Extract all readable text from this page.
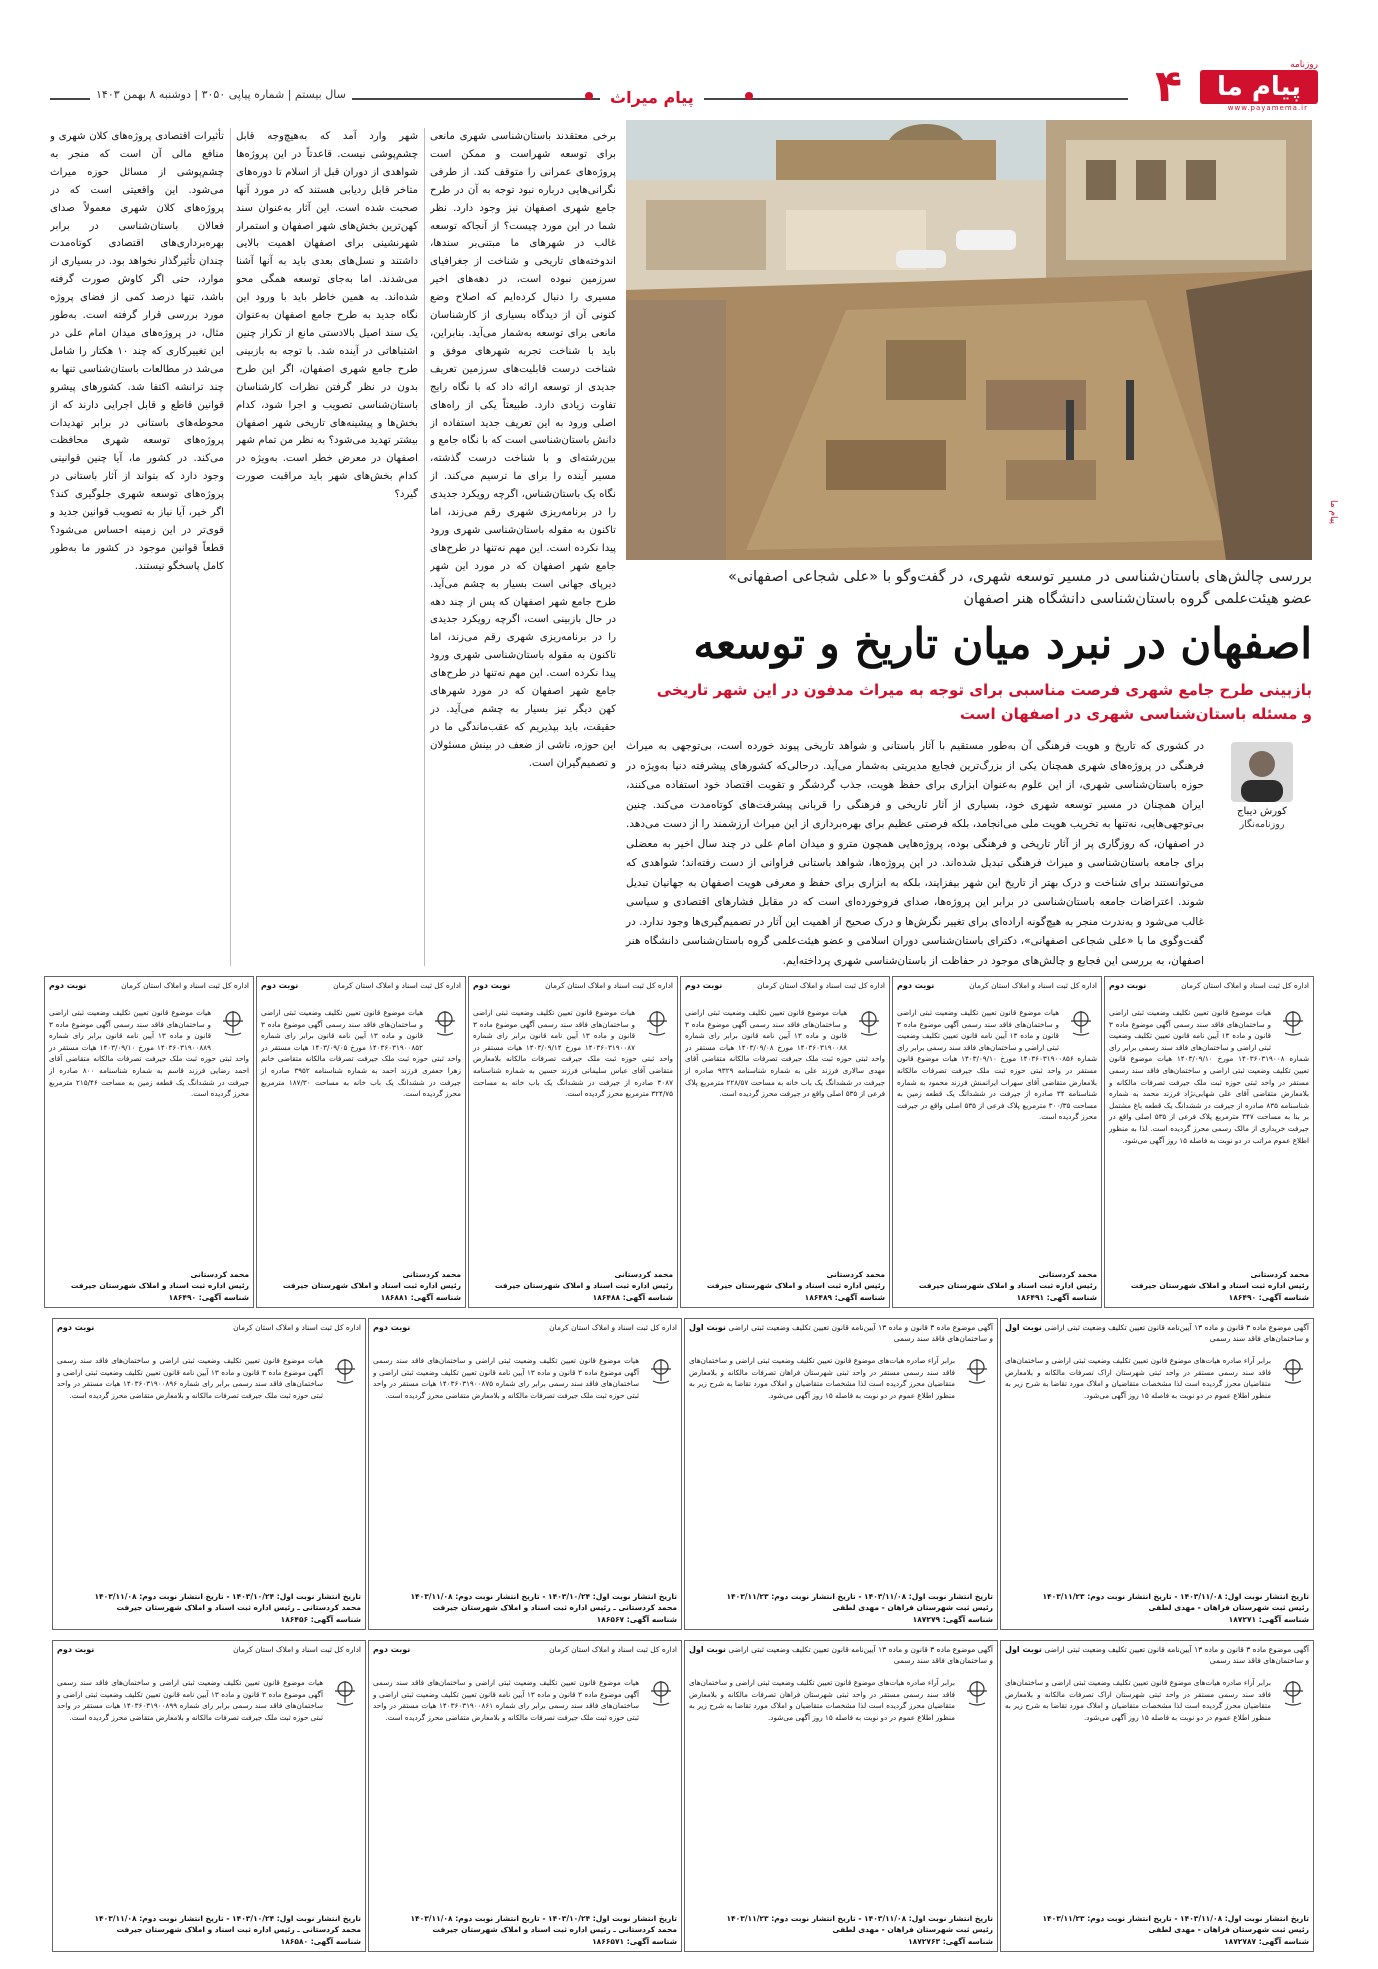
روزنامه
پیام ما
www.payamema.ir
۴
پیام میراث
سال بیستم | شماره پیاپی ۳۰۵۰ | دوشنبه ۸ بهمن ۱۴۰۳
پیام ما
بررسی چالش‌های باستان‌شناسی در مسیر توسعه شهری، در گفت‌وگو با «علی شجاعی اصفهانی»
عضو هیئت‌علمی گروه باستان‌شناسی دانشگاه هنر اصفهان
اصفهان در نبرد میان تاریخ و توسعه
بازبینی طرح جامع شهری فرصت مناسبی برای توجه به میراث مدفون در این شهر تاریخی
و مسئله باستان‌شناسی شهری در اصفهان است
کورش دیباج
روزنامه‌نگار
در کشوری که تاریخ و هویت فرهنگی آن به‌طور مستقیم با آثار باستانی و شواهد تاریخی پیوند خورده است، بی‌توجهی به میراث فرهنگی در پروژه‌های شهری همچنان یکی از بزرگ‌ترین فجایع مدیریتی به‌شمار می‌آید. درحالی‌که کشورهای پیشرفته دنیا به‌ویژه در حوزه باستان‌شناسی شهری، از این علوم به‌عنوان ابزاری برای حفظ هویت، جذب گردشگر و تقویت اقتصاد خود استفاده می‌کنند، ایران همچنان در مسیر توسعه شهری خود، بسیاری از آثار تاریخی و فرهنگی را قربانی پیشرفت‌های کوتاه‌مدت می‌کند. چنین بی‌توجهی‌هایی، نه‌تنها به تخریب هویت ملی می‌انجامد، بلکه فرصتی عظیم برای بهره‌برداری از این میراث ارزشمند را از دست می‌دهد. در اصفهان، که روزگاری پر از آثار تاریخی و فرهنگی بوده، پروژه‌هایی همچون مترو و میدان امام علی در چند سال اخیر به معضلی برای جامعه باستان‌شناسی و میراث فرهنگی تبدیل شده‌اند. در این پروژه‌ها، شواهد باستانی فراوانی از دست رفته‌اند؛ شواهدی که می‌توانستند برای شناخت و درک بهتر از تاریخ این شهر بیفزایند، بلکه به ابزاری برای حفظ و معرفی هویت اصفهان به جهانیان تبدیل شوند. اعتراضات جامعه باستان‌شناسی در برابر این پروژه‌ها، صدای فروخورده‌ای است که در مقابل فشارهای اقتصادی و سیاسی غالب می‌شود و به‌ندرت منجر به هیچ‌گونه اراده‌ای برای تغییر نگرش‌ها و درک صحیح از اهمیت این آثار در تصمیم‌گیری‌ها وجود ندارد. در گفت‌وگوی ما با «علی شجاعی اصفهانی»، دکترای باستان‌شناسی دوران اسلامی و عضو هیئت‌علمی گروه باستان‌شناسی دانشگاه هنر اصفهان، به بررسی این فجایع و چالش‌های موجود در حفاظت از باستان‌شناسی شهری پرداخته‌ایم.
برخی معتقدند باستان‌شناسی شهری مانعی برای توسعه شهراست و ممکن است پروژه‌های عمرانی را متوقف کند. از طرفی نگرانی‌هایی درباره نبود توجه به آن در طرح جامع شهری اصفهان نیز وجود دارد. نظر شما در این مورد چیست؟ از آنجاکه توسعه غالب در شهرهای ما مبتنی‌بر سندها، اندوخته‌های تاریخی و شناخت از جغرافیای سرزمین نبوده است، در دهه‌های اخیر مسیری را دنبال کرده‌ایم که اصلاح وضع کنونی آن از دیدگاه بسیاری از کارشناسان مانعی برای توسعه به‌شمار می‌آید. بنابراین، باید با شناخت تجربه شهرهای موفق و شناخت درست قابلیت‌های سرزمین تعریف جدیدی از توسعه ارائه داد که با نگاه رایج تفاوت زیادی دارد. طبیعتاً یکی از راه‌های اصلی ورود به این تعریف جدید استفاده از دانش باستان‌شناسی است که با نگاه جامع و بین‌رشته‌ای و با شناخت درست گذشته، مسیر آینده را برای ما ترسیم می‌کند. از نگاه یک باستان‌شناس، اگرچه رویکرد جدیدی را در برنامه‌ریزی شهری رقم می‌زند، اما تاکنون به مقوله باستان‌شناسی شهری ورود پیدا نکرده است. این مهم نه‌تنها در طرح‌های جامع شهر اصفهان که در مورد این شهر دیرپای جهانی است بسیار به چشم می‌آید. طرح جامع شهر اصفهان که پس از چند دهه در حال بازبینی است، اگرچه رویکرد جدیدی را در برنامه‌ریزی شهری رقم می‌زند، اما تاکنون به مقوله باستان‌شناسی شهری ورود پیدا نکرده است. این مهم نه‌تنها در طرح‌های جامع شهر اصفهان که در مورد شهرهای کهن دیگر نیز بسیار به چشم می‌آید. در حقیقت، باید بپذیریم که عقب‌ماندگی ما در این حوزه، ناشی از ضعف در بینش مسئولان و تصمیم‌گیران است.
شهر وارد آمد که به‌هیچ‌وجه قابل چشم‌پوشی نیست. قاعدتاً در این پروژه‌ها شواهدی از دوران قبل از اسلام تا دوره‌های متاخر قابل ردیابی هستند که در مورد آنها صحبت شده است. این آثار به‌عنوان سند کهن‌ترین بخش‌های شهر اصفهان و استمرار شهرنشینی برای اصفهان اهمیت بالایی داشتند و نسل‌های بعدی باید به آنها آشنا می‌شدند. اما به‌جای توسعه همگی محو شده‌اند. به همین خاطر باید با ورود این نگاه جدید به طرح جامع اصفهان به‌عنوان یک سند اصیل بالادستی مانع از تکرار چنین اشتباهاتی در آینده شد. با توجه به بازبینی طرح جامع شهری اصفهان، اگر این طرح بدون در نظر گرفتن نظرات کارشناسان باستان‌شناسی تصویب و اجرا شود، کدام بخش‌ها و پیشینه‌های تاریخی شهر اصفهان بیشتر تهدید می‌شود؟ به نظر من تمام شهر اصفهان در معرض خطر است. به‌ویژه در کدام بخش‌های شهر باید مراقبت صورت گیرد؟
تأثیرات اقتصادی پروژه‌های کلان شهری و منافع مالی آن است که منجر به چشم‌پوشی از مسائل حوزه میراث می‌شود. این واقعیتی است که در پروژه‌های کلان شهری معمولاً صدای فعالان باستان‌شناسی در برابر بهره‌برداری‌های اقتصادی کوتاه‌مدت چندان تأثیرگذار نخواهد بود. در بسیاری از موارد، حتی اگر کاوش صورت گرفته باشد، تنها درصد کمی از فضای پروژه مورد بررسی قرار گرفته است. به‌طور مثال، در پروژه‌های میدان امام علی در این تغییرکاری که چند ۱۰ هکتار را شامل می‌شد در مطالعات باستان‌شناسی تنها به چند ترانشه اکتفا شد. کشورهای پیشرو قوانین قاطع و قابل اجرایی دارند که از محوطه‌های باستانی در برابر تهدیدات پروژه‌های توسعه شهری محافظت می‌کند. در کشور ما، آیا چنین قوانینی وجود دارد که بتواند از آثار باستانی در پروژه‌های توسعه شهری جلوگیری کند؟ اگر خیر، آیا نیاز به تصویب قوانین جدید و قوی‌تر در این زمینه احساس می‌شود؟ قطعاً قوانین موجود در کشور ما به‌طور کامل پاسخگو نیستند.
نوبت دوم	اداره کل ثبت اسناد و املاک استان کرمان
هیات موضوع قانون تعیین تکلیف وضعیت ثبتی اراضی و ساختمان‌های فاقد سند رسمی آگهی موضوع ماده ۳ قانون و ماده ۱۳ آیین نامه قانون تعیین تکلیف وضعیت ثبتی اراضی و ساختمان‌های فاقد سند رسمی برابر رای شماره ۱۴۰۳۶۰۳۱۹۰۰۸ مورخ ۱۴۰۳/۰۹/۱۰ هیات موضوع قانون تعیین تکلیف وضعیت ثبتی اراضی و ساختمان‌های فاقد سند رسمی مستقر در واحد ثبتی حوزه ثبت ملک جیرفت تصرفات مالکانه و بلامعارض متقاضی آقای علی شهابی‌نژاد فرزند محمد به شماره شناسنامه ۸۳۵ صادره از جیرفت در ششدانگ یک قطعه باغ مشتمل بر بنا به مساحت ۳۴۷ مترمربع پلاک فرعی از ۵۳۵ اصلی واقع در جیرفت خریداری از مالک رسمی محرز گردیده است. لذا به منظور اطلاع عموم مراتب در دو نوبت به فاصله ۱۵ روز آگهی می‌شود.
محمد کردستانی
رئیس اداره ثبت اسناد و املاک شهرستان جیرفت
شناسه آگهی: ۱۸۶۴۹۰
نوبت دوم	اداره کل ثبت اسناد و املاک استان کرمان
هیات موضوع قانون تعیین تکلیف وضعیت ثبتی اراضی و ساختمان‌های فاقد سند رسمی آگهی موضوع ماده ۳ قانون و ماده ۱۳ آیین نامه قانون تعیین تکلیف وضعیت ثبتی اراضی و ساختمان‌های فاقد سند رسمی برابر رای شماره ۱۴۰۳۶۰۳۱۹۰۰۸۵۶ مورخ ۱۴۰۳/۰۹/۱۰ هیات موضوع قانون مستقر در واحد ثبتی حوزه ثبت ملک جیرفت تصرفات مالکانه بلامعارض متقاضی آقای سهراب ایرانمنش فرزند محمود به شماره شناسنامه ۳۴ صادره از جیرفت در ششدانگ یک قطعه زمین به مساحت ۳۰۰/۳۵ مترمربع پلاک فرعی از ۵۳۵ اصلی واقع در جیرفت محرز گردیده است.
محمد کردستانی
رئیس اداره ثبت اسناد و املاک شهرستان جیرفت
شناسه آگهی: ۱۸۶۴۹۱
نوبت دوم	اداره کل ثبت اسناد و املاک استان کرمان
هیات موضوع قانون تعیین تکلیف وضعیت ثبتی اراضی و ساختمان‌های فاقد سند رسمی آگهی موضوع ماده ۳ قانون و ماده ۱۳ آیین نامه قانون برابر رای شماره ۱۴۰۳۶۰۳۱۹۰۰۸۸ مورخ ۱۴۰۳/۰۹/۰۸ هیات مستقر در واحد ثبتی حوزه ثبت ملک جیرفت تصرفات مالکانه متقاضی آقای مهدی سالاری فرزند علی به شماره شناسنامه ۹۳۲۹ صادره از جیرفت در ششدانگ یک باب خانه به مساحت ۲۲۸/۵۷ مترمربع پلاک فرعی از ۵۳۵ اصلی واقع در جیرفت محرز گردیده است.
محمد کردستانی
رئیس اداره ثبت اسناد و املاک شهرستان جیرفت
شناسه آگهی: ۱۸۶۴۸۹
نوبت دوم	اداره کل ثبت اسناد و املاک استان کرمان
هیات موضوع قانون تعیین تکلیف وضعیت ثبتی اراضی و ساختمان‌های فاقد سند رسمی آگهی موضوع ماده ۳ قانون و ماده ۱۳ آیین نامه قانون برابر رای شماره ۱۴۰۳۶۰۳۱۹۰۰۸۷ مورخ ۱۴۰۳/۰۹/۱۴ هیات مستقر در واحد ثبتی حوزه ثبت ملک جیرفت تصرفات مالکانه بلامعارض متقاضی آقای عباس سلیمانی فرزند حسین به شماره شناسنامه ۳۰۸۷ صادره از جیرفت در ششدانگ یک باب خانه به مساحت ۳۲۴/۷۵ مترمربع محرز گردیده است.
محمد کردستانی
رئیس اداره ثبت اسناد و املاک شهرستان جیرفت
شناسه آگهی: ۱۸۶۴۸۸
نوبت دوم	اداره کل ثبت اسناد و املاک استان کرمان
هیات موضوع قانون تعیین تکلیف وضعیت ثبتی اراضی و ساختمان‌های فاقد سند رسمی آگهی موضوع ماده ۳ قانون و ماده ۱۳ آیین نامه قانون برابر رای شماره ۱۴۰۳۶۰۳۱۹۰۰۸۵۲ مورخ ۱۴۰۳/۰۹/۰۵ هیات مستقر در واحد ثبتی حوزه ثبت ملک جیرفت تصرفات مالکانه متقاضی خانم زهرا جعفری فرزند احمد به شماره شناسنامه ۳۹۵۲ صادره از جیرفت در ششدانگ یک باب خانه به مساحت ۱۸۷/۳۰ مترمربع محرز گردیده است.
محمد کردستانی
رئیس اداره ثبت اسناد و املاک شهرستان جیرفت
شناسه آگهی: ۱۸۶۸۸۱
نوبت دوم	اداره کل ثبت اسناد و املاک استان کرمان
هیات موضوع قانون تعیین تکلیف وضعیت ثبتی اراضی و ساختمان‌های فاقد سند رسمی آگهی موضوع ماده ۳ قانون و ماده ۱۳ آیین نامه قانون برابر رای شماره ۱۴۰۳۶۰۳۱۹۰۰۸۸۹ مورخ ۱۴۰۳/۰۹/۱۰ هیات مستقر در واحد ثبتی حوزه ثبت ملک جیرفت تصرفات مالکانه متقاضی آقای احمد رضایی فرزند قاسم به شماره شناسنامه ۸۰۰ صادره از جیرفت در ششدانگ یک قطعه زمین به مساحت ۲۱۵/۴۶ مترمربع محرز گردیده است.
محمد کردستانی
رئیس اداره ثبت اسناد و املاک شهرستان جیرفت
شناسه آگهی: ۱۸۶۴۹۰
نوبت اول آگهی موضوع ماده ۳ قانون و ماده ۱۳ آیین‌نامه قانون تعیین تکلیف وضعیت ثبتی اراضی و ساختمان‌های فاقد سند رسمی
برابر آراء صادره هیات‌های موضوع قانون تعیین تکلیف وضعیت ثبتی اراضی و ساختمان‌های فاقد سند رسمی مستقر در واحد ثبتی شهرستان اراک تصرفات مالکانه و بلامعارض متقاضیان محرز گردیده است لذا مشخصات متقاضیان و املاک مورد تقاضا به شرح زیر به منظور اطلاع عموم در دو نوبت به فاصله ۱۵ روز آگهی می‌شود.
تاریخ انتشار نوبت اول: ۱۴۰۳/۱۱/۰۸ - تاریخ انتشار نوبت دوم: ۱۴۰۳/۱۱/۲۳
رئیس ثبت شهرستان فراهان - مهدی لطفی
شناسه آگهی: ۱۸۷۲۷۱
نوبت اول آگهی موضوع ماده ۳ قانون و ماده ۱۳ آیین‌نامه قانون تعیین تکلیف وضعیت ثبتی اراضی و ساختمان‌های فاقد سند رسمی
برابر آراء صادره هیات‌های موضوع قانون تعیین تکلیف وضعیت ثبتی اراضی و ساختمان‌های فاقد سند رسمی مستقر در واحد ثبتی شهرستان فراهان تصرفات مالکانه و بلامعارض متقاضیان محرز گردیده است لذا مشخصات متقاضیان و املاک مورد تقاضا به شرح زیر به منظور اطلاع عموم در دو نوبت به فاصله ۱۵ روز آگهی می‌شود.
تاریخ انتشار نوبت اول: ۱۴۰۳/۱۱/۰۸ - تاریخ انتشار نوبت دوم: ۱۴۰۳/۱۱/۲۳
رئیس ثبت شهرستان فراهان - مهدی لطفی
شناسه آگهی: ۱۸۷۲۷۹
نوبت دوم	اداره کل ثبت اسناد و املاک استان کرمان
هیات موضوع قانون تعیین تکلیف وضعیت ثبتی اراضی و ساختمان‌های فاقد سند رسمی آگهی موضوع ماده ۳ قانون و ماده ۱۳ آیین نامه قانون تعیین تکلیف وضعیت ثبتی اراضی و ساختمان‌های فاقد سند رسمی برابر رای شماره ۱۴۰۳۶۰۳۱۹۰۰۸۷۵ هیات مستقر در واحد ثبتی حوزه ثبت ملک جیرفت تصرفات مالکانه و بلامعارض متقاضی محرز گردیده است.
تاریخ انتشار نوبت اول: ۱۴۰۳/۱۰/۲۴ - تاریخ انتشار نوبت دوم: ۱۴۰۳/۱۱/۰۸
محمد کردستانی ـ رئیس اداره ثبت اسناد و املاک شهرستان جیرفت
شناسه آگهی: ۱۸۶۵۶۷
نوبت دوم	اداره کل ثبت اسناد و املاک استان کرمان
هیات موضوع قانون تعیین تکلیف وضعیت ثبتی اراضی و ساختمان‌های فاقد سند رسمی آگهی موضوع ماده ۳ قانون و ماده ۱۳ آیین نامه قانون تعیین تکلیف وضعیت ثبتی اراضی و ساختمان‌های فاقد سند رسمی برابر رای شماره ۱۴۰۳۶۰۳۱۹۰۰۸۹۶ هیات مستقر در واحد ثبتی حوزه ثبت ملک جیرفت تصرفات مالکانه و بلامعارض متقاضی محرز گردیده است.
تاریخ انتشار نوبت اول: ۱۴۰۳/۱۰/۲۴ - تاریخ انتشار نوبت دوم: ۱۴۰۳/۱۱/۰۸
محمد کردستانی ـ رئیس اداره ثبت اسناد و املاک شهرستان جیرفت
شناسه آگهی: ۱۸۶۴۵۶
نوبت اول آگهی موضوع ماده ۳ قانون و ماده ۱۳ آیین‌نامه قانون تعیین تکلیف وضعیت ثبتی اراضی و ساختمان‌های فاقد سند رسمی
برابر آراء صادره هیات‌های موضوع قانون تعیین تکلیف وضعیت ثبتی اراضی و ساختمان‌های فاقد سند رسمی مستقر در واحد ثبتی شهرستان اراک تصرفات مالکانه و بلامعارض متقاضیان محرز گردیده است لذا مشخصات متقاضیان و املاک مورد تقاضا به شرح زیر به منظور اطلاع عموم در دو نوبت به فاصله ۱۵ روز آگهی می‌شود.
تاریخ انتشار نوبت اول: ۱۴۰۳/۱۱/۰۸ - تاریخ انتشار نوبت دوم: ۱۴۰۳/۱۱/۲۳
رئیس ثبت شهرستان فراهان - مهدی لطفی
شناسه آگهی: ۱۸۷۲۷۸۷
نوبت اول آگهی موضوع ماده ۳ قانون و ماده ۱۳ آیین‌نامه قانون تعیین تکلیف وضعیت ثبتی اراضی و ساختمان‌های فاقد سند رسمی
برابر آراء صادره هیات‌های موضوع قانون تعیین تکلیف وضعیت ثبتی اراضی و ساختمان‌های فاقد سند رسمی مستقر در واحد ثبتی شهرستان فراهان تصرفات مالکانه و بلامعارض متقاضیان محرز گردیده است لذا مشخصات متقاضیان و املاک مورد تقاضا به شرح زیر به منظور اطلاع عموم در دو نوبت به فاصله ۱۵ روز آگهی می‌شود.
تاریخ انتشار نوبت اول: ۱۴۰۳/۱۱/۰۸ - تاریخ انتشار نوبت دوم: ۱۴۰۳/۱۱/۲۳
رئیس ثبت شهرستان فراهان - مهدی لطفی
شناسه آگهی: ۱۸۷۲۷۶۳
نوبت دوم	اداره کل ثبت اسناد و املاک استان کرمان
هیات موضوع قانون تعیین تکلیف وضعیت ثبتی اراضی و ساختمان‌های فاقد سند رسمی آگهی موضوع ماده ۳ قانون و ماده ۱۳ آیین نامه قانون تعیین تکلیف وضعیت ثبتی اراضی و ساختمان‌های فاقد سند رسمی برابر رای شماره ۱۴۰۳۶۰۳۱۹۰۰۸۶۱ هیات مستقر در واحد ثبتی حوزه ثبت ملک جیرفت تصرفات مالکانه و بلامعارض متقاضی محرز گردیده است.
تاریخ انتشار نوبت اول: ۱۴۰۳/۱۰/۲۴ - تاریخ انتشار نوبت دوم: ۱۴۰۳/۱۱/۰۸
محمد کردستانی ـ رئیس اداره ثبت اسناد و املاک شهرستان جیرفت
شناسه آگهی: ۱۸۶۶۵۷۱
نوبت دوم	اداره کل ثبت اسناد و املاک استان کرمان
هیات موضوع قانون تعیین تکلیف وضعیت ثبتی اراضی و ساختمان‌های فاقد سند رسمی آگهی موضوع ماده ۳ قانون و ماده ۱۳ آیین نامه قانون تعیین تکلیف وضعیت ثبتی اراضی و ساختمان‌های فاقد سند رسمی برابر رای شماره ۱۴۰۳۶۰۳۱۹۰۰۸۹۹ هیات مستقر در واحد ثبتی حوزه ثبت ملک جیرفت تصرفات مالکانه و بلامعارض متقاضی محرز گردیده است.
تاریخ انتشار نوبت اول: ۱۴۰۳/۱۰/۲۴ - تاریخ انتشار نوبت دوم: ۱۴۰۳/۱۱/۰۸
محمد کردستانی ـ رئیس اداره ثبت اسناد و املاک شهرستان جیرفت
شناسه آگهی: ۱۸۶۵۸۰
